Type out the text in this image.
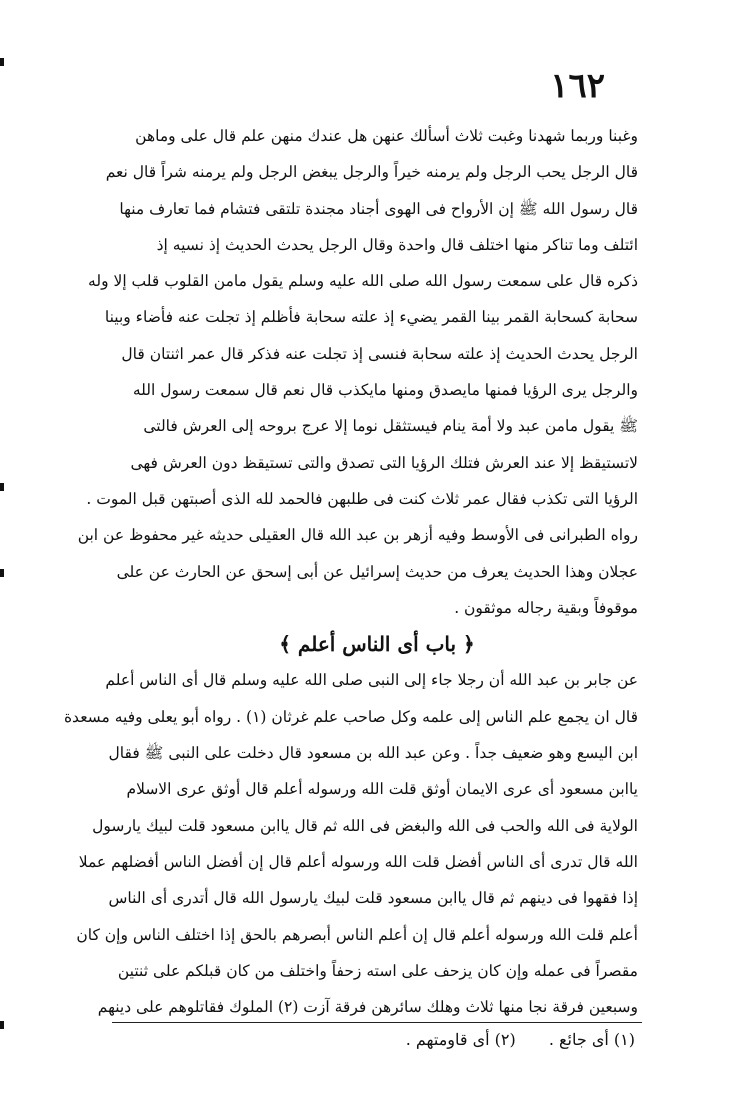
١٦٢
وغبنا وربما شهدنا وغبت ثلاث أسألك عنهن هل عندك منهن علم قال على وماهن
قال الرجل يحب الرجل ولم يرمنه خيراً والرجل يبغض الرجل ولم يرمنه شراً قال نعم
قال رسول الله ﷺ إن الأرواح فى الهوى أجناد مجندة تلتقى فتشام فما تعارف منها
ائتلف وما تناكر منها اختلف قال واحدة وقال الرجل يحدث الحديث إذ نسيه إذ
ذكره قال على سمعت رسول الله صلى الله عليه وسلم يقول مامن القلوب قلب إلا وله
سحابة كسحابة القمر بينا القمر يضيء إذ علته سحابة فأظلم إذ تجلت عنه فأضاء وبينا
الرجل يحدث الحديث إذ علته سحابة فنسى إذ تجلت عنه فذكر قال عمر اثنتان قال
والرجل يرى الرؤيا فمنها مايصدق ومنها مايكذب قال نعم قال سمعت رسول الله
ﷺ يقول مامن عبد ولا أمة ينام فيستثقل نوما إلا عرج بروحه إلى العرش فالتى
لاتستيقظ إلا عند العرش فتلك الرؤيا التى تصدق والتى تستيقظ دون العرش فهى
الرؤيا التى تكذب فقال عمر ثلاث كنت فى طلبهن فالحمد لله الذى أصبتهن قبل الموت .
رواه الطبرانى فى الأوسط وفيه أزهر بن عبد الله قال العقيلى حديثه غير محفوظ عن ابن
عجلان وهذا الحديث يعرف من حديث إسرائيل عن أبى إسحق عن الحارث عن على
موقوفاً وبقية رجاله موثقون .
﴿ باب أى الناس أعلم ﴾
عن جابر بن عبد الله أن رجلا جاء إلى النبى صلى الله عليه وسلم قال أى الناس أعلم
قال ان يجمع علم الناس إلى علمه وكل صاحب علم غرثان (١) . رواه أبو يعلى وفيه مسعدة
ابن اليسع وهو ضعيف جداً . وعن عبد الله بن مسعود قال دخلت على النبى ﷺ فقال
ياابن مسعود أى عرى الايمان أوثق قلت الله ورسوله أعلم قال أوثق عرى الاسلام
الولاية فى الله والحب فى الله والبغض فى الله ثم قال ياابن مسعود قلت لبيك يارسول
الله قال تدرى أى الناس أفضل قلت الله ورسوله أعلم قال إن أفضل الناس أفضلهم عملا
إذا فقهوا فى دينهم ثم قال ياابن مسعود قلت لبيك يارسول الله قال أتدرى أى الناس
أعلم قلت الله ورسوله أعلم قال إن أعلم الناس أبصرهم بالحق إذا اختلف الناس وإن كان
مقصراً فى عمله وإن كان يزحف على استه زحفاً واختلف من كان قبلكم على ثنتين
وسبعين فرقة نجا منها ثلاث وهلك سائرهن فرقة آزت (٢) الملوك فقاتلوهم على دينهم
(١) أى جائع . (٢) أى قاومتهم .
